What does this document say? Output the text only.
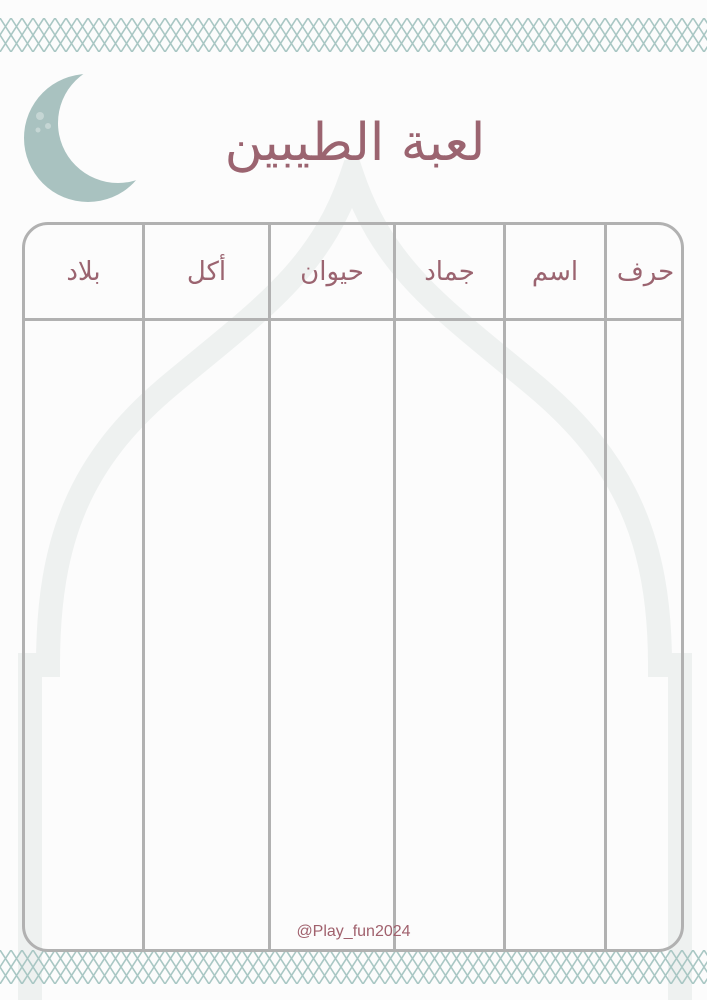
لعبة الطيبين
حرف
اسم
جماد
حيوان
أكل
بلاد
@Play_fun2024
